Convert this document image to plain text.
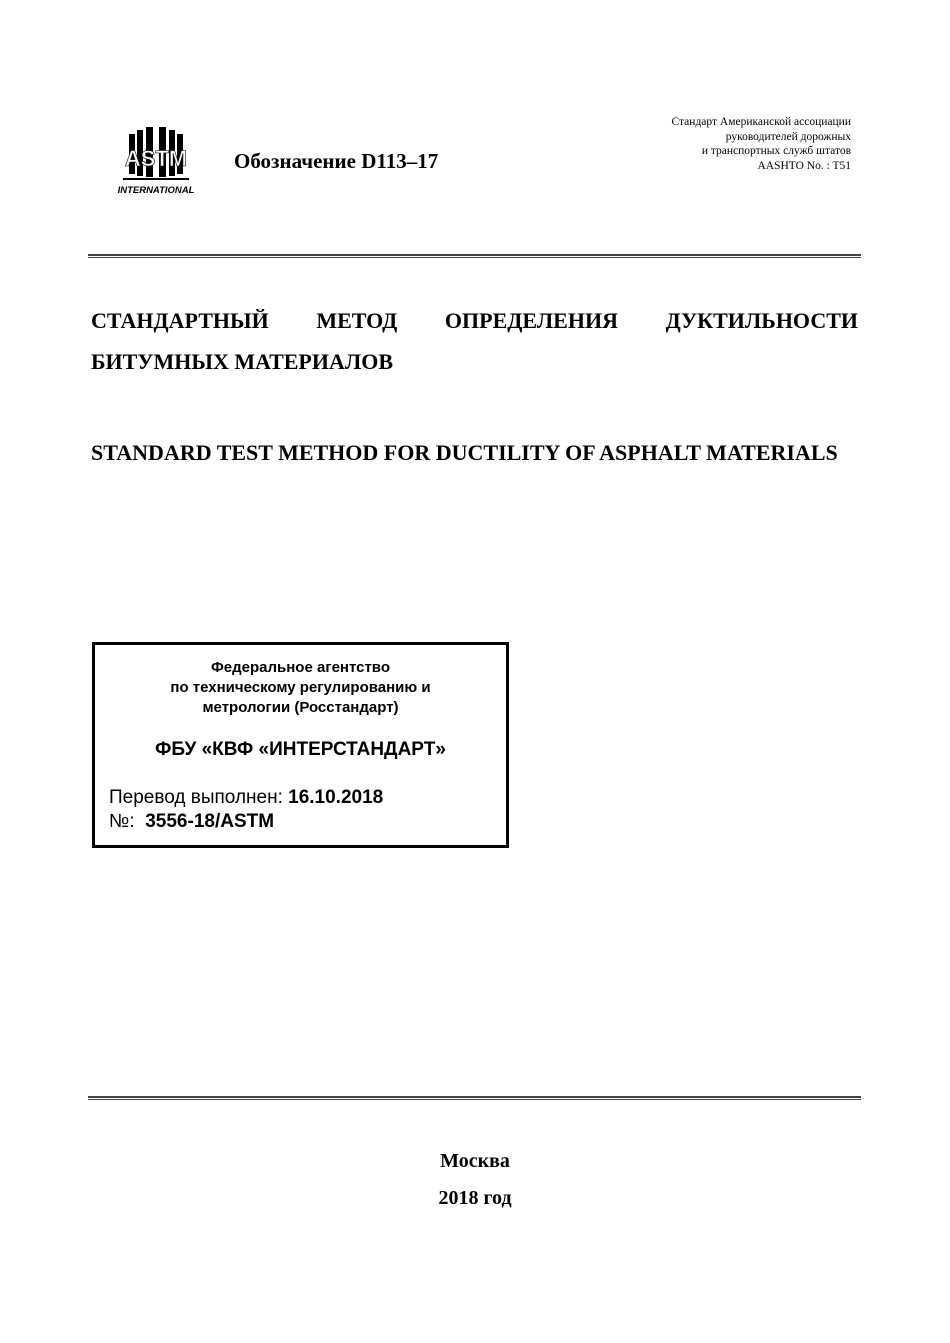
ASTM
INTERNATIONAL
Обозначение D113–17
Стандарт Американской ассоциации
руководителей дорожных
и транспортных служб штатов
AASHTO No. : T51
СТАНДАРТНЫЙ МЕТОД ОПРЕДЕЛЕНИЯ ДУКТИЛЬНОСТИ БИТУМНЫХ МАТЕРИАЛОВ
STANDARD TEST METHOD FOR DUCTILITY OF ASPHALT MATERIALS
Федеральное агентство
по техническому регулированию и
метрологии (Росстандарт)
ФБУ «КВФ «ИНТЕРСТАНДАРТ»
Перевод выполнен: 16.10.2018
№: 3556-18/ASTM
Москва
2018 год
